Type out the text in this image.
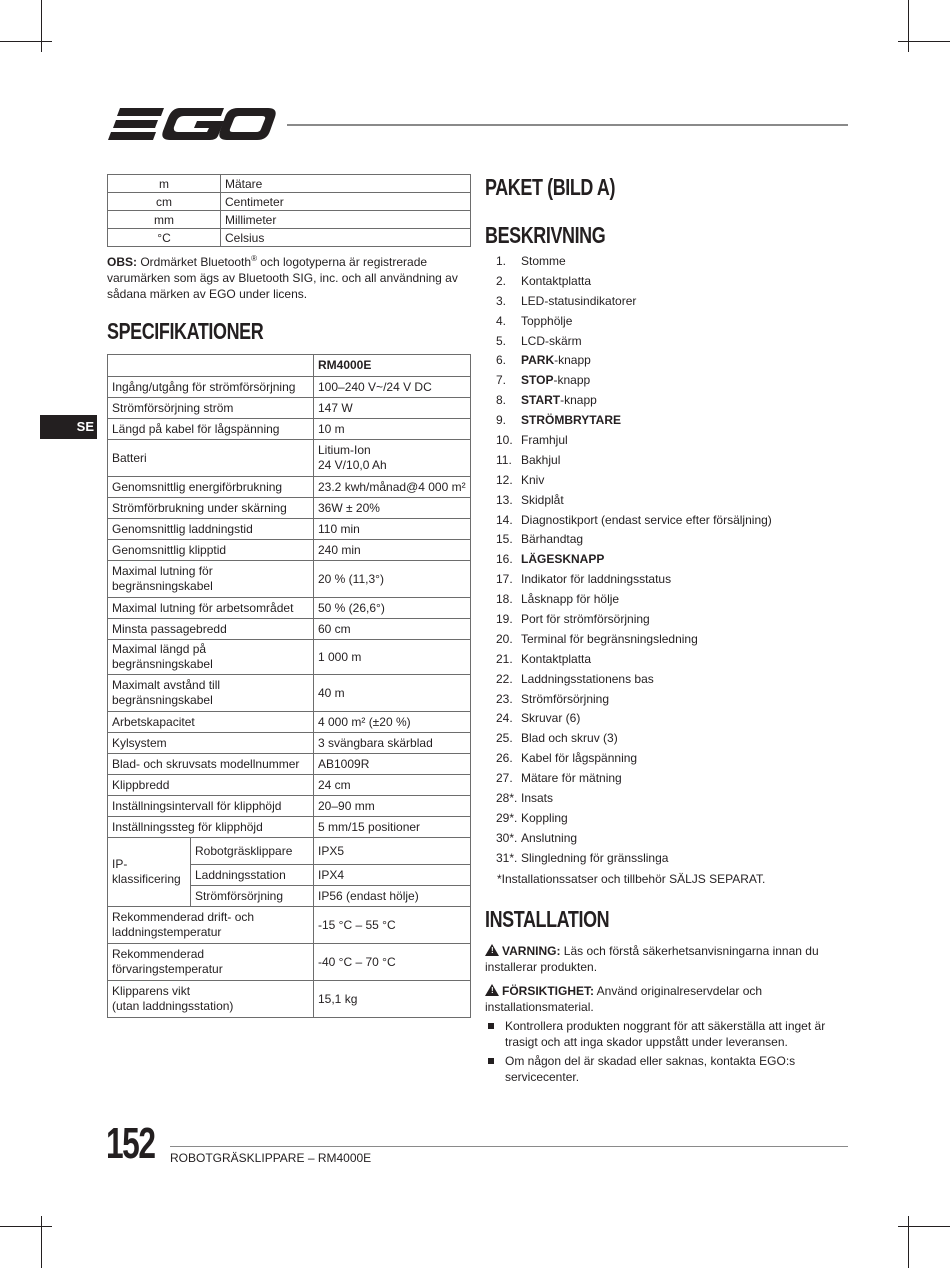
m	Mätare
cm	Centimeter
mm	Millimeter
°C	Celsius
OBS: Ordmärket Bluetooth® och logotyperna är registrerade varumärken som ägs av Bluetooth SIG, inc. och all användning av sådana märken av EGO under licens.
SPECIFIKATIONER
SE
		RM4000E
Ingång/utgång för strömförsörjning		100–240 V~/24 V DC
Strömförsörjning ström		147 W
Längd på kabel för lågspänning		10 m
Batteri		Litium-Ion
24 V/10,0 Ah
Genomsnittlig energiförbrukning		23.2 kwh/månad@4 000 m²
Strömförbrukning under skärning		36W ± 20%
Genomsnittlig laddningstid		110 min
Genomsnittlig klipptid		240 min
Maximal lutning för
begränsningskabel		20 % (11,3°)
Maximal lutning för arbetsområdet		50 % (26,6°)
Minsta passagebredd		60 cm
Maximal längd på begränsningskabel		1 000 m
Maximalt avstånd till
begränsningskabel		40 m
Arbetskapacitet		4 000 m² (±20 %)
Kylsystem		3 svängbara skärblad
Blad- och skruvsats modellnummer		AB1009R
Klippbredd		24 cm
Inställningsintervall för klipphöjd		20–90 mm
Inställningssteg för klipphöjd		5 mm/15 positioner
IP-
klassificering	Robotgräsklippare	IPX5
	Laddningsstation	IPX4
	Strömförsörjning	IP56 (endast hölje)
Rekommenderad drift- och
laddningstemperatur		-15 °C – 55 °C
Rekommenderad
förvaringstemperatur		-40 °C – 70 °C
Klipparens vikt
(utan laddningsstation)		15,1 kg
PAKET (BILD A)
BESKRIVNING
1. Stomme
2. Kontaktplatta
3. LED-statusindikatorer
4. Topphölje
5. LCD-skärm
6. PARK-knapp
7. STOP-knapp
8. START-knapp
9. STRÖMBRYTARE
10. Framhjul
11. Bakhjul
12. Kniv
13. Skidplåt
14. Diagnostikport (endast service efter försäljning)
15. Bärhandtag
16. LÄGESKNAPP
17. Indikator för laddningsstatus
18. Låsknapp för hölje
19. Port för strömförsörjning
20. Terminal för begränsningsledning
21. Kontaktplatta
22. Laddningsstationens bas
23. Strömförsörjning
24. Skruvar (6)
25. Blad och skruv (3)
26. Kabel för lågspänning
27. Mätare för mätning
28*. Insats
29*. Koppling
30*. Anslutning
31*. Slingledning för gränsslinga
*Installationssatser och tillbehör SÄLJS SEPARAT.
INSTALLATION
! VARNING: Läs och förstå säkerhetsanvisningarna innan du installerar produkten.
! FÖRSIKTIGHET: Använd originalreservdelar och installationsmaterial.
Kontrollera produkten noggrant för att säkerställa att inget är trasigt och att inga skador uppstått under leveransen.
Om någon del är skadad eller saknas, kontakta EGO:s servicecenter.
152 ROBOTGRÄSKLIPPARE – RM4000E
